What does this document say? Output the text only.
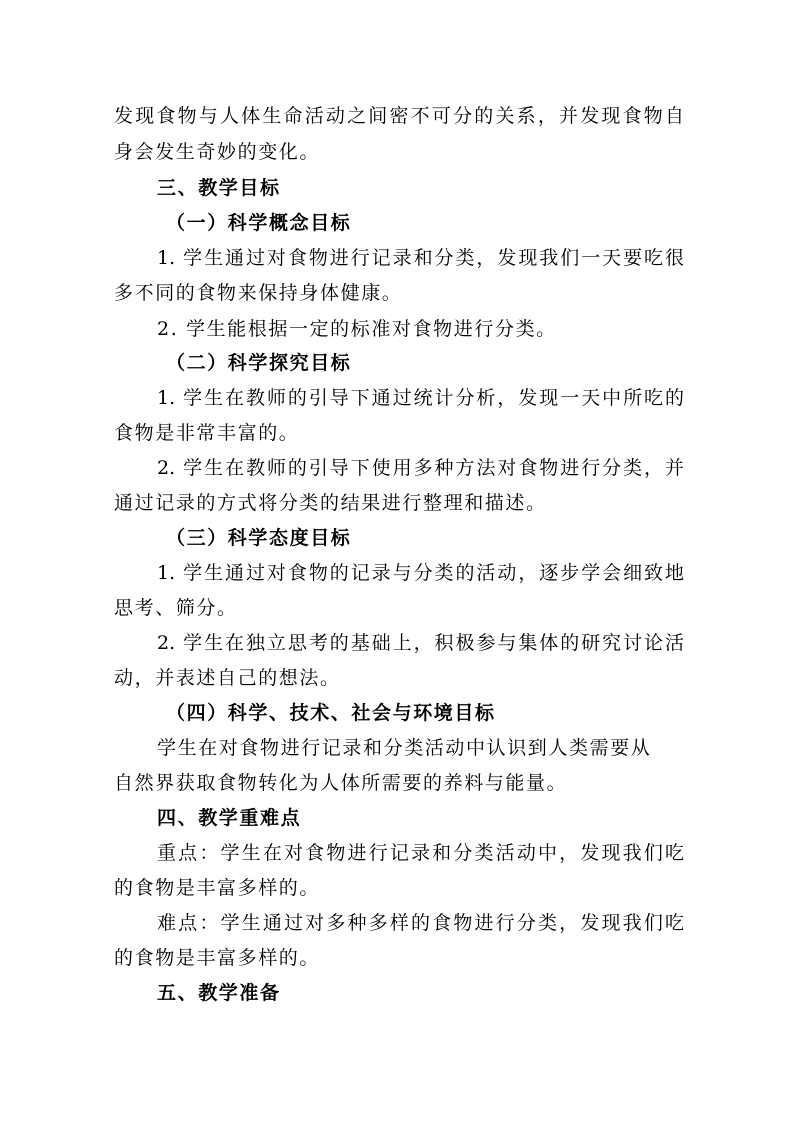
发现食物与人体生命活动之间密不可分的关系，并发现食物自
身会发生奇妙的变化。
三、教学目标
（一）科学概念目标
1. 学生通过对食物进行记录和分类，发现我们一天要吃很
多不同的食物来保持身体健康。
2. 学生能根据一定的标准对食物进行分类。
（二）科学探究目标
1. 学生在教师的引导下通过统计分析，发现一天中所吃的
食物是非常丰富的。
2. 学生在教师的引导下使用多种方法对食物进行分类，并
通过记录的方式将分类的结果进行整理和描述。
（三）科学态度目标
1. 学生通过对食物的记录与分类的活动，逐步学会细致地
思考、筛分。
2. 学生在独立思考的基础上，积极参与集体的研究讨论活
动，并表述自己的想法。
（四）科学、技术、社会与环境目标
学生在对食物进行记录和分类活动中认识到人类需要从
自然界获取食物转化为人体所需要的养料与能量。
四、教学重难点
重点：学生在对食物进行记录和分类活动中，发现我们吃
的食物是丰富多样的。
难点：学生通过对多种多样的食物进行分类，发现我们吃
的食物是丰富多样的。
五、教学准备
